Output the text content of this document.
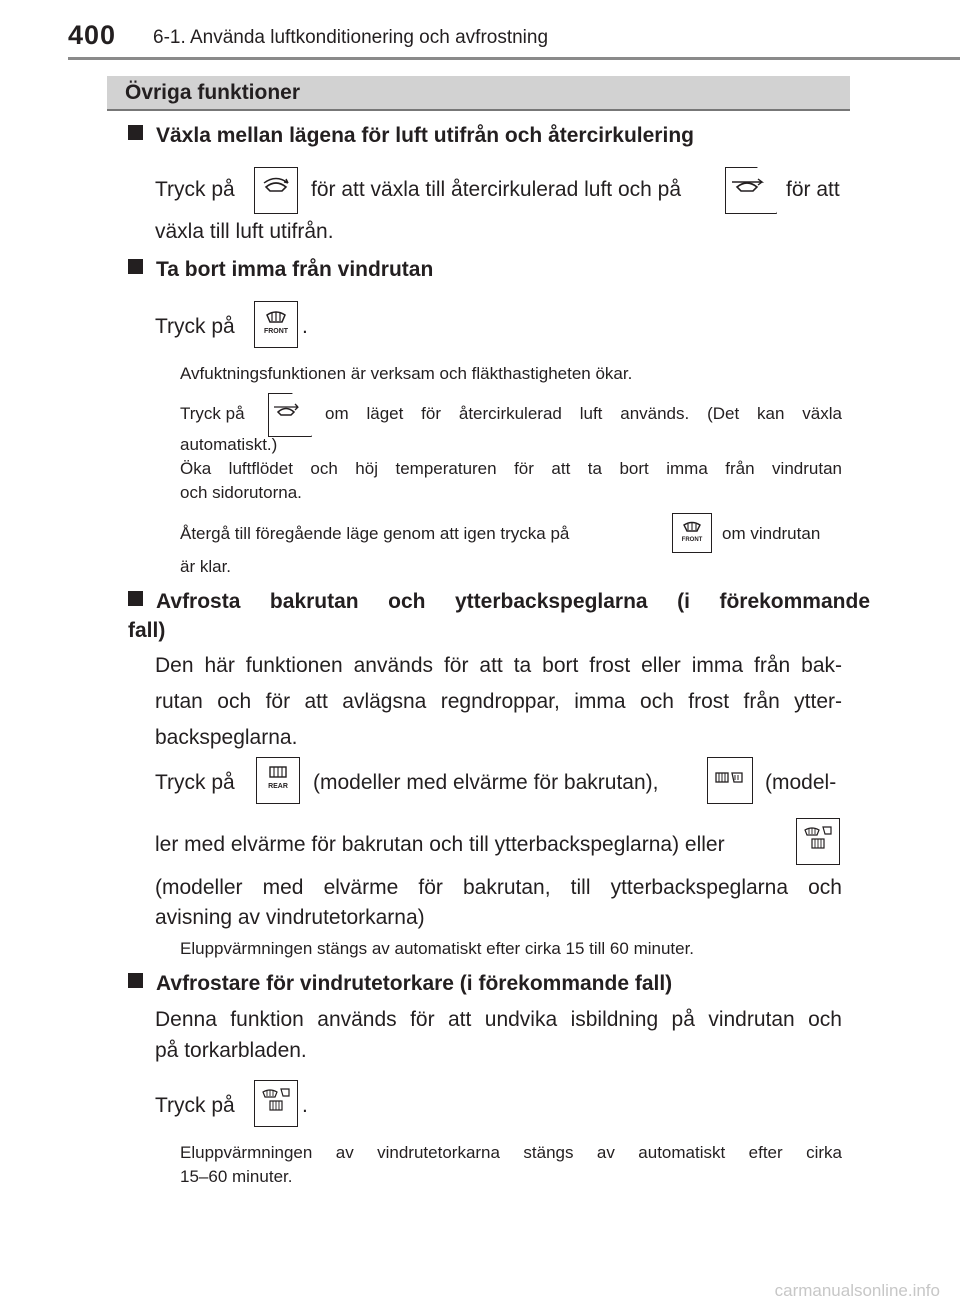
400 6-1. Använda luftkonditionering och avfrostning
Övriga funktioner
Växla mellan lägena för luft utifrån och återcirkulering
Tryck på	för att växla till återcirkulerad luft och på	för att
växla till luft utifrån.
Ta bort imma från vindrutan
Tryck på	FRONT .
Avfuktningsfunktionen är verksam och fläkthastigheten ökar.
Tryck på	om läget för återcirkulerad luft används. (Det kan växla
automatiskt.)
Öka luftflödet och höj temperaturen för att ta bort imma från vindrutan
och sidorutorna.
Återgå till föregående läge genom att igen trycka på	FRONT om vindrutan
är klar.
Avfrosta bakrutan och ytterbackspeglarna (i förekommande
fall)
Den här funktionen används för att ta bort frost eller imma från bak-
rutan och för att avlägsna regndroppar, imma och frost från ytter-
backspeglarna.
Tryck på	REAR (modeller med elvärme för bakrutan),	(model-
ler med elvärme för bakrutan och till ytterbackspeglarna) eller
(modeller med elvärme för bakrutan, till ytterbackspeglarna och
avisning av vindrutetorkarna)
Eluppvärmningen stängs av automatiskt efter cirka 15 till 60 minuter.
Avfrostare för vindrutetorkare (i förekommande fall)
Denna funktion används för att undvika isbildning på vindrutan och
på torkarbladen.
Tryck på	.
Eluppvärmningen av vindrutetorkarna stängs av automatiskt efter cirka
15–60 minuter.
carmanualsonline.info
